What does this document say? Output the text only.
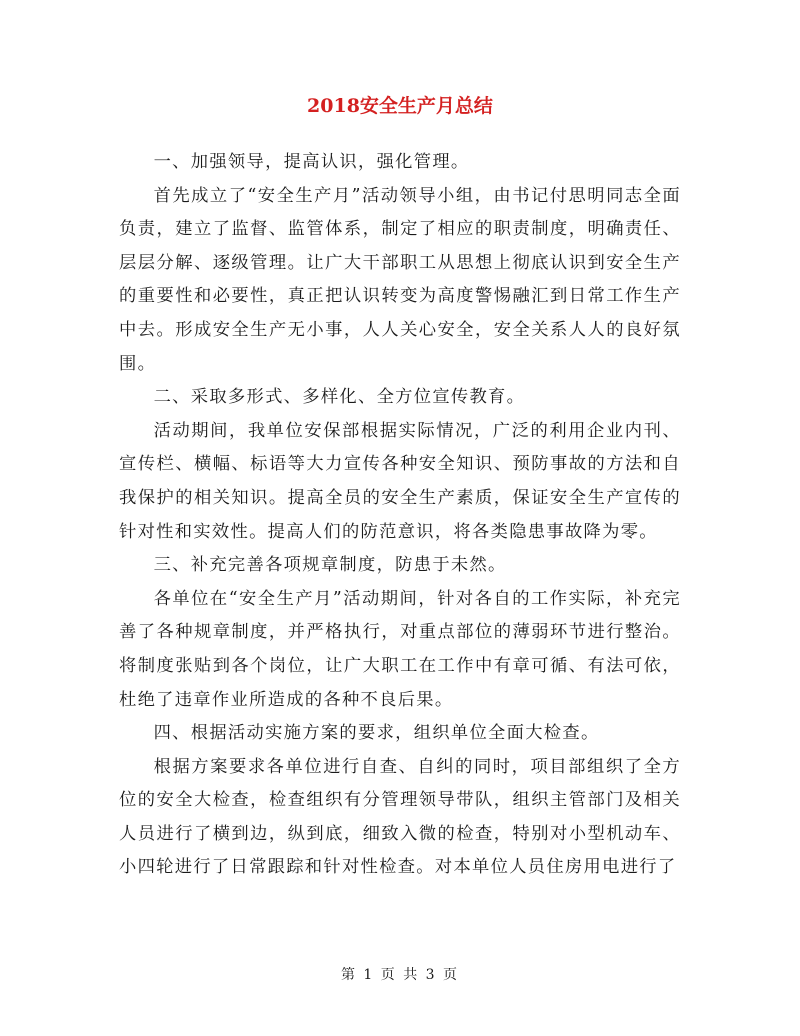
2018安全生产月总结

一、加强领导，提高认识，强化管理。

首先成立了“安全生产月”活动领导小组，由书记付思明同志全面负责，建立了监督、监管体系，制定了相应的职责制度，明确责任、层层分解、逐级管理。让广大干部职工从思想上彻底认识到安全生产的重要性和必要性，真正把认识转变为高度警惕融汇到日常工作生产中去。形成安全生产无小事，人人关心安全，安全关系人人的良好氛围。

二、采取多形式、多样化、全方位宣传教育。

活动期间，我单位安保部根据实际情况，广泛的利用企业内刊、宣传栏、横幅、标语等大力宣传各种安全知识、预防事故的方法和自我保护的相关知识。提高全员的安全生产素质，保证安全生产宣传的针对性和实效性。提高人们的防范意识，将各类隐患事故降为零。

三、补充完善各项规章制度，防患于未然。

各单位在“安全生产月”活动期间，针对各自的工作实际，补充完善了各种规章制度，并严格执行，对重点部位的薄弱环节进行整治。将制度张贴到各个岗位，让广大职工在工作中有章可循、有法可依，杜绝了违章作业所造成的各种不良后果。

四、根据活动实施方案的要求，组织单位全面大检查。

根据方案要求各单位进行自查、自纠的同时，项目部组织了全方位的安全大检查，检查组织有分管理领导带队，组织主管部门及相关人员进行了横到边，纵到底，细致入微的检查，特别对小型机动车、小四轮进行了日常跟踪和针对性检查。对本单位人员住房用电进行了

第 1 页 共 3 页
